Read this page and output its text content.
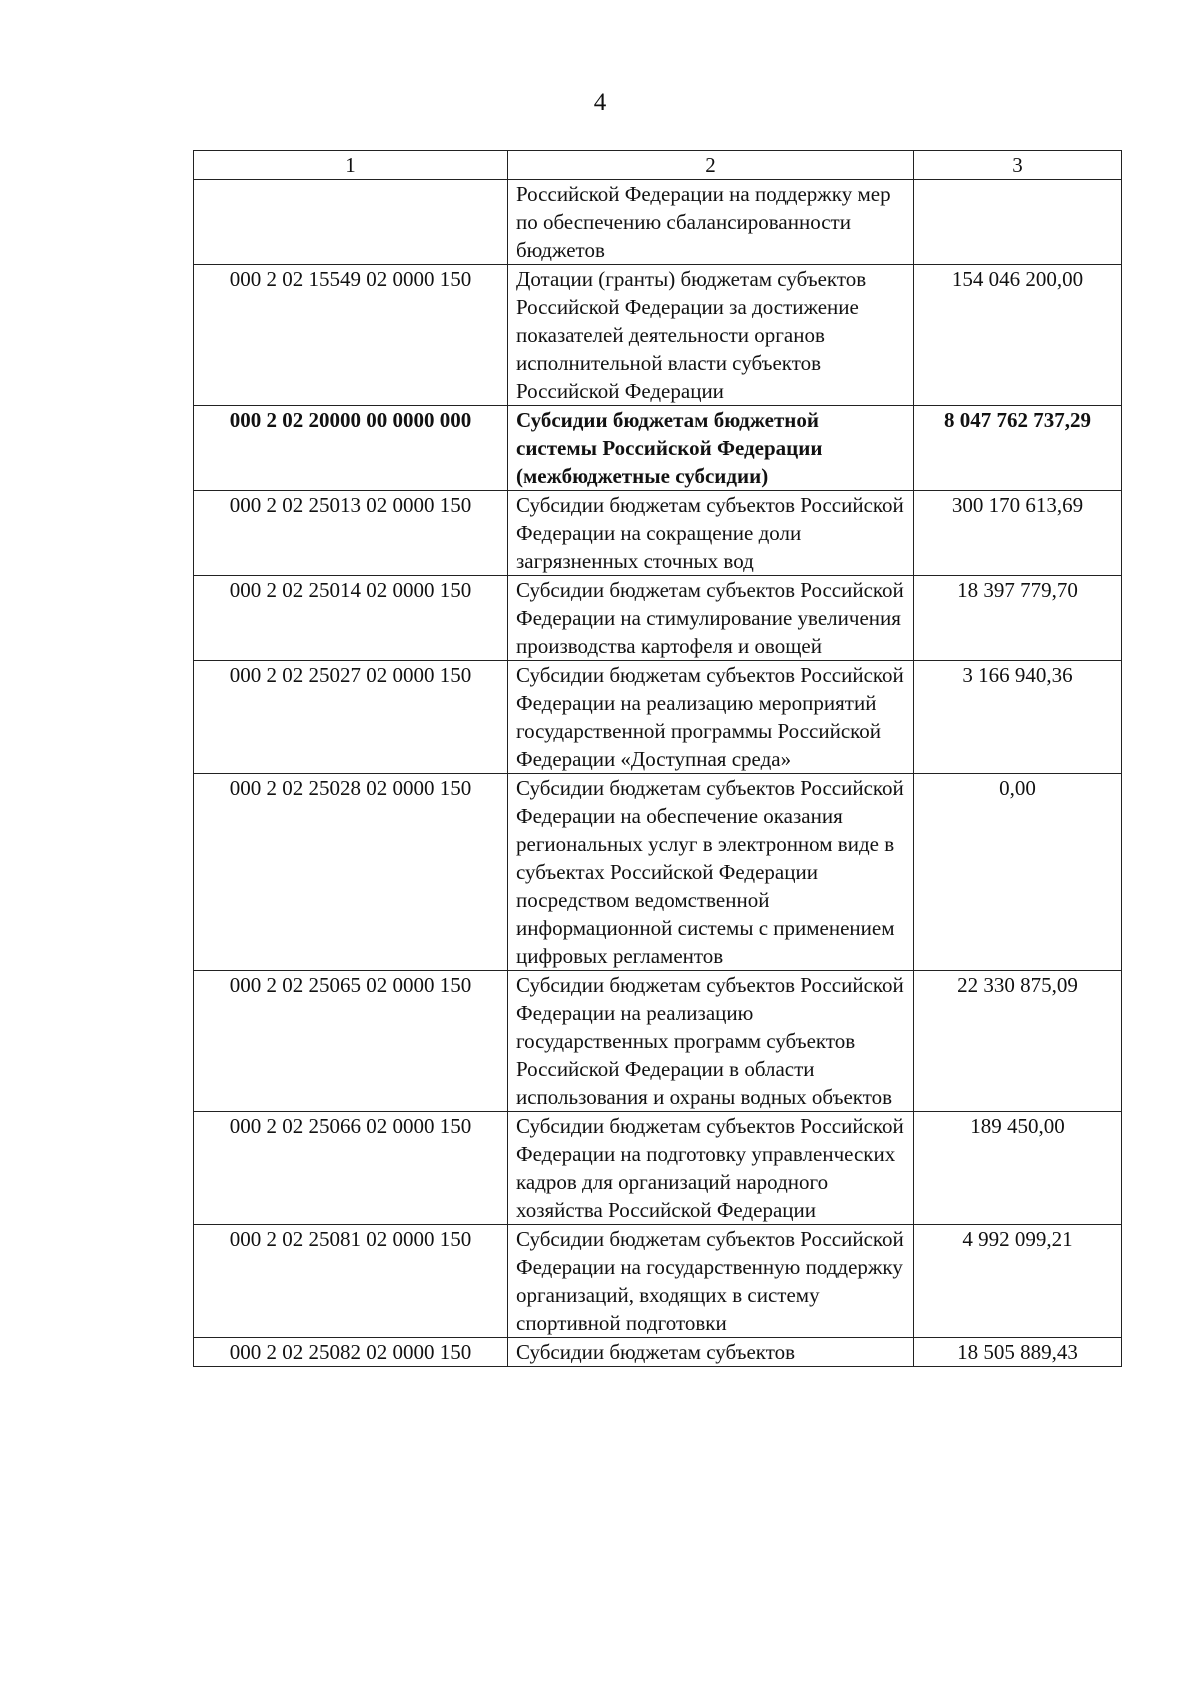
4
1	2	3
	Российской Федерации на поддержку мер по обеспечению сбалансированности бюджетов	
000 2 02 15549 02 0000 150	Дотации (гранты) бюджетам субъектов Российской Федерации за достижение показателей деятельности органов исполнительной власти субъектов Российской Федерации	154 046 200,00
000 2 02 20000 00 0000 000	Субсидии бюджетам бюджетной системы Российской Федерации (межбюджетные субсидии)	8 047 762 737,29
000 2 02 25013 02 0000 150	Субсидии бюджетам субъектов Российской Федерации на сокращение доли загрязненных сточных вод	300 170 613,69
000 2 02 25014 02 0000 150	Субсидии бюджетам субъектов Российской Федерации на стимулирование увеличения производства картофеля и овощей	18 397 779,70
000 2 02 25027 02 0000 150	Субсидии бюджетам субъектов Российской Федерации на реализацию мероприятий государственной программы Российской Федерации «Доступная среда»	3 166 940,36
000 2 02 25028 02 0000 150	Субсидии бюджетам субъектов Российской Федерации на обеспечение оказания региональных услуг в электронном виде в субъектах Российской Федерации посредством ведомственной информационной системы с применением цифровых регламентов	0,00
000 2 02 25065 02 0000 150	Субсидии бюджетам субъектов Российской Федерации на реализацию государственных программ субъектов Российской Федерации в области использования и охраны водных объектов	22 330 875,09
000 2 02 25066 02 0000 150	Субсидии бюджетам субъектов Российской Федерации на подготовку управленческих кадров для организаций народного хозяйства Российской Федерации	189 450,00
000 2 02 25081 02 0000 150	Субсидии бюджетам субъектов Российской Федерации на государственную поддержку организаций, входящих в систему спортивной подготовки	4 992 099,21
000 2 02 25082 02 0000 150	Субсидии бюджетам субъектов	18 505 889,43
